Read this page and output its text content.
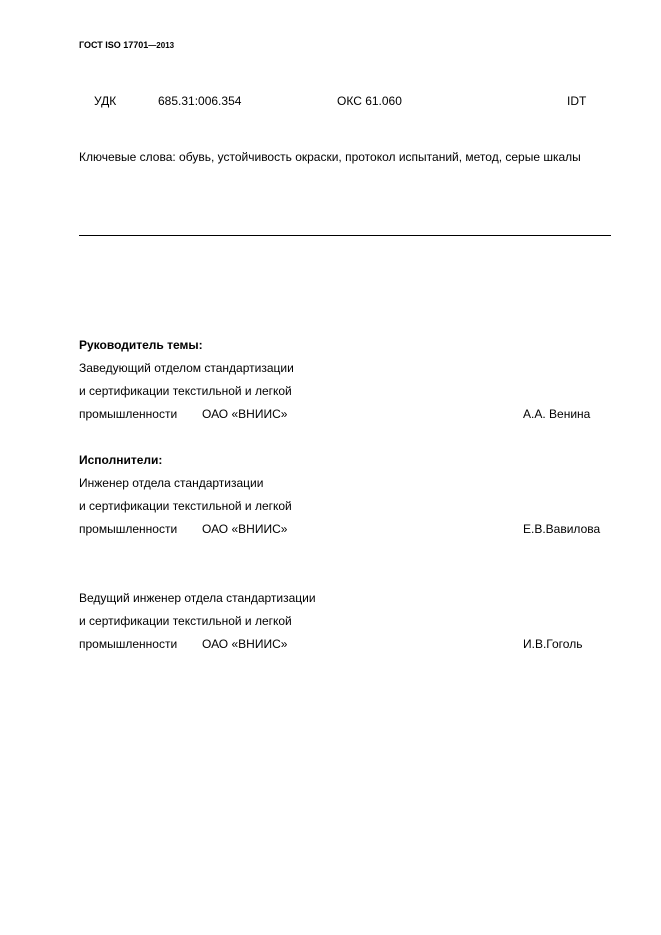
ГОСТ ISO 17701—2013
УДК	685.31:006.354	ОКС 61.060	IDT
Ключевые слова: обувь, устойчивость окраски, протокол испытаний, метод, серые шкалы
Руководитель темы:
Заведующий отделом стандартизации
и сертификации текстильной и легкой
промышленности ОАО «ВНИИС»	А.А. Венина
Исполнители:
Инженер отдела стандартизации
и сертификации текстильной и легкой
промышленности ОАО «ВНИИС»	Е.В.Вавилова
Ведущий инженер отдела стандартизации
и сертификации текстильной и легкой
промышленности ОАО «ВНИИС»	И.В.Гоголь
